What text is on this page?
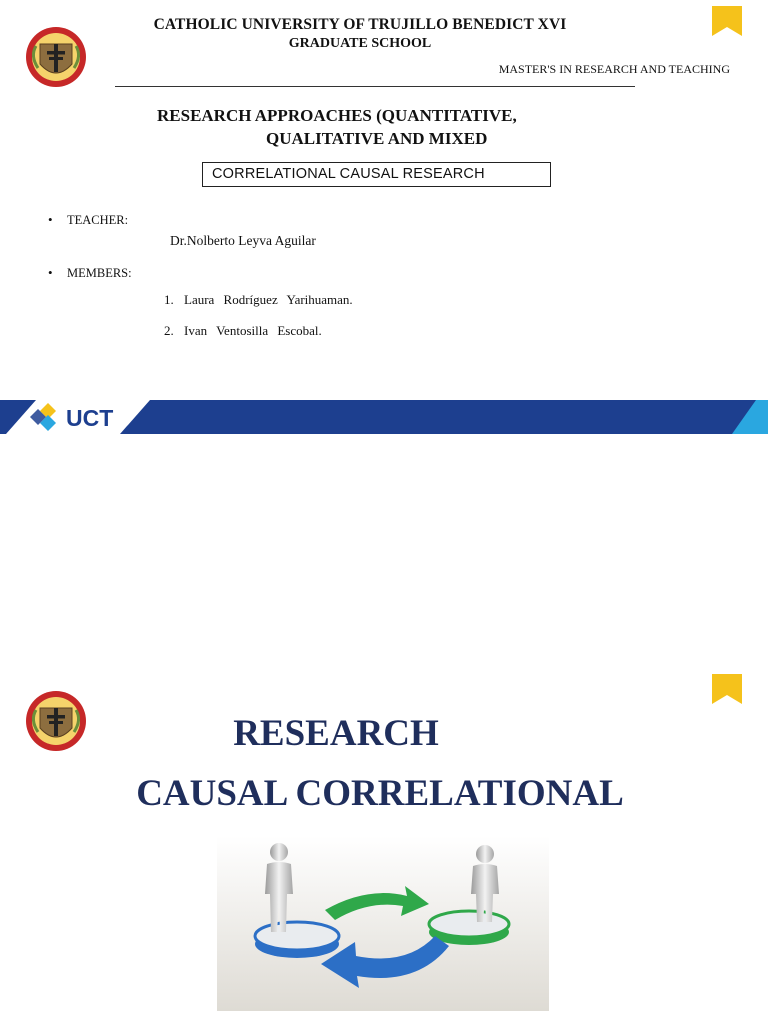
CATHOLIC UNIVERSITY OF TRUJILLO BENEDICT XVI
GRADUATE SCHOOL
MASTER'S IN RESEARCH AND TEACHING
RESEARCH APPROACHES (QUANTITATIVE,
QUALITATIVE AND MIXED
CORRELATIONAL CAUSAL RESEARCH
• TEACHER:
Dr.Nolberto Leyva Aguilar
• MEMBERS:
1. Laura Rodríguez Yarihuaman.
2. Ivan Ventosilla Escobal.
UCT
RESEARCH
CAUSAL CORRELATIONAL
